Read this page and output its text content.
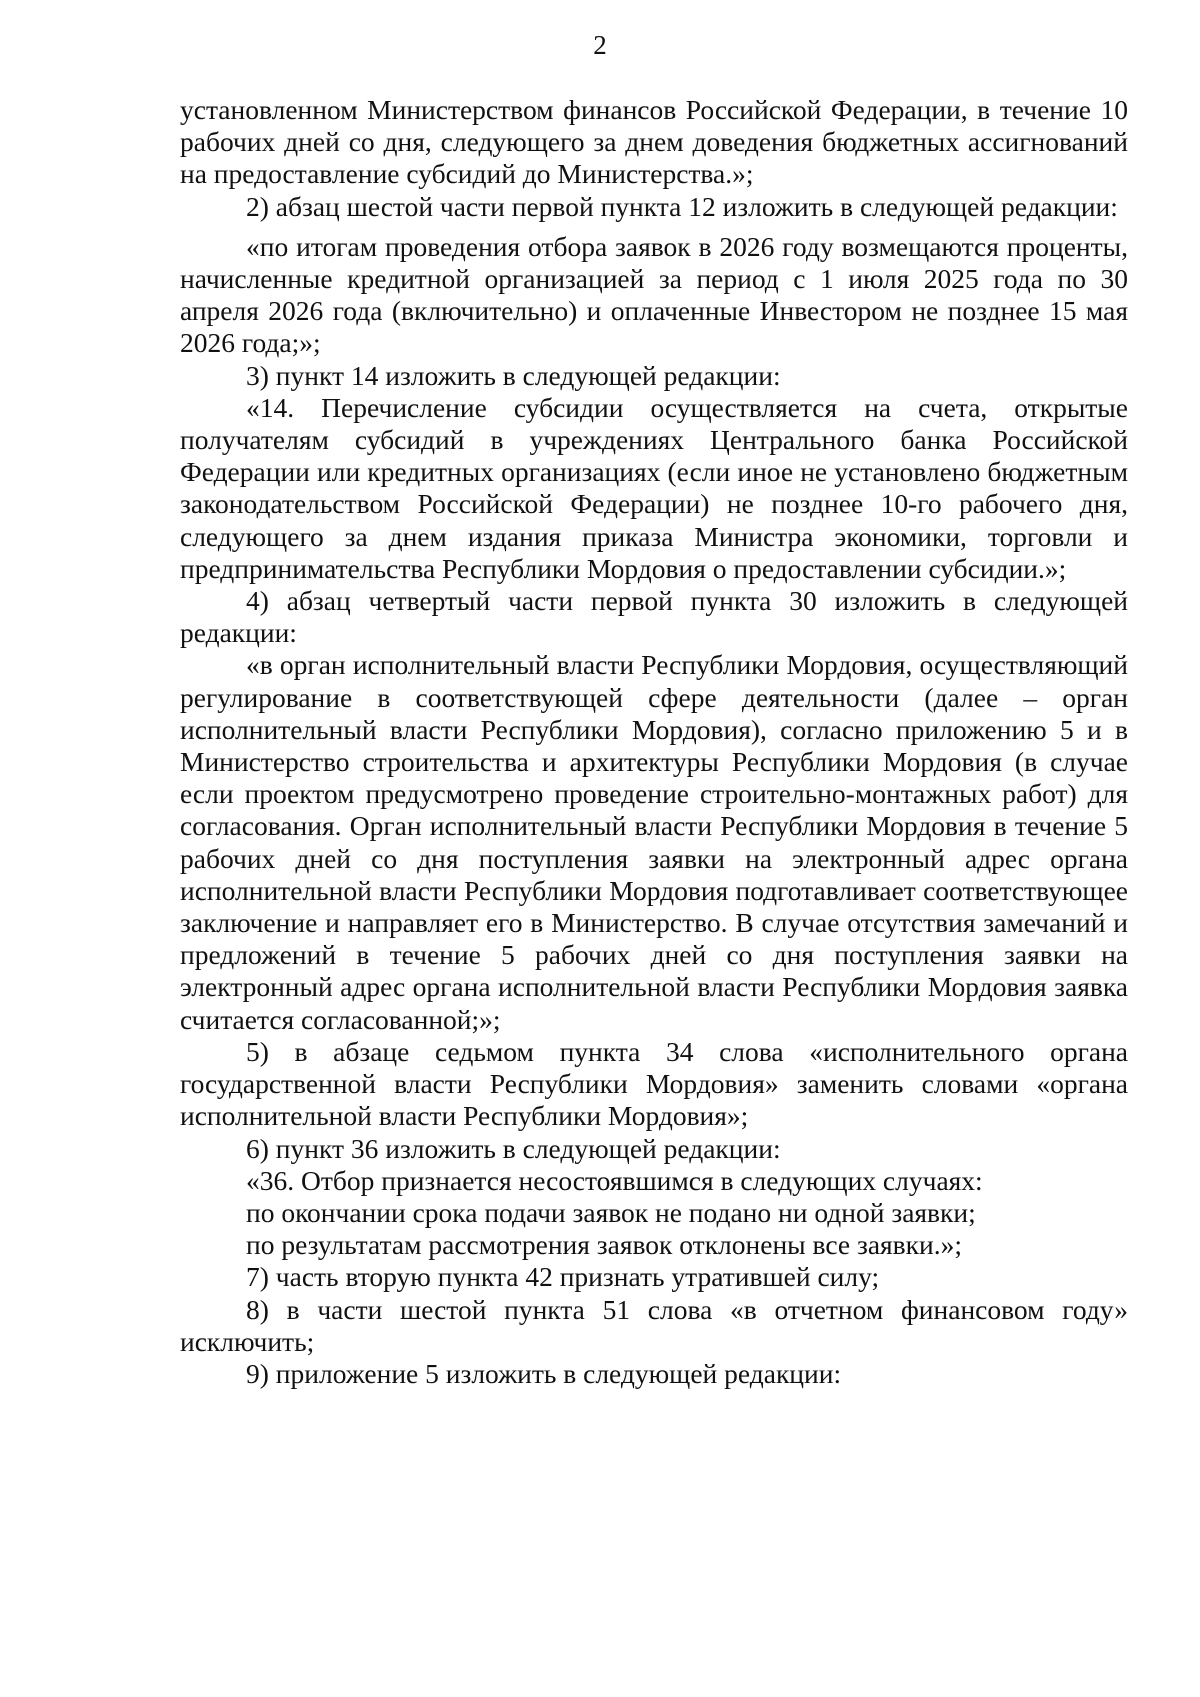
2

установленном Министерством финансов Российской Федерации, в течение 10 рабочих дней со дня, следующего за днем доведения бюджетных ассигнований на предоставление субсидий до Министерства.»;

2) абзац шестой части первой пункта 12 изложить в следующей редакции:

«по итогам проведения отбора заявок в 2026 году возмещаются проценты, начисленные кредитной организацией за период с 1 июля 2025 года по 30 апреля 2026 года (включительно) и оплаченные Инвестором не позднее 15 мая 2026 года;»;

3) пункт 14 изложить в следующей редакции:

«14. Перечисление субсидии осуществляется на счета, открытые получателям субсидий в учреждениях Центрального банка Российской Федерации или кредитных организациях (если иное не установлено бюджетным законодательством Российской Федерации) не позднее 10-го рабочего дня, следующего за днем издания приказа Министра экономики, торговли и предпринимательства Республики Мордовия о предоставлении субсидии.»;

4) абзац четвертый части первой пункта 30 изложить в следующей редакции:

«в орган исполнительный власти Республики Мордовия, осуществляющий регулирование в соответствующей сфере деятельности (далее – орган исполнительный власти Республики Мордовия), согласно приложению 5 и в Министерство строительства и архитектуры Республики Мордовия (в случае если проектом предусмотрено проведение строительно-монтажных работ) для согласования. Орган исполнительный власти Республики Мордовия в течение 5 рабочих дней со дня поступления заявки на электронный адрес органа исполнительной власти Республики Мордовия подготавливает соответствующее заключение и направляет его в Министерство. В случае отсутствия замечаний и предложений в течение 5 рабочих дней со дня поступления заявки на электронный адрес органа исполнительной власти Республики Мордовия заявка считается согласованной;»;

5) в абзаце седьмом пункта 34 слова «исполнительного органа государственной власти Республики Мордовия» заменить словами «органа исполнительной власти Республики Мордовия»;

6) пункт 36 изложить в следующей редакции:

«36. Отбор признается несостоявшимся в следующих случаях:

по окончании срока подачи заявок не подано ни одной заявки;

по результатам рассмотрения заявок отклонены все заявки.»;

7) часть вторую пункта 42 признать утратившей силу;

8) в части шестой пункта 51 слова «в отчетном финансовом году» исключить;

9) приложение 5 изложить в следующей редакции:
